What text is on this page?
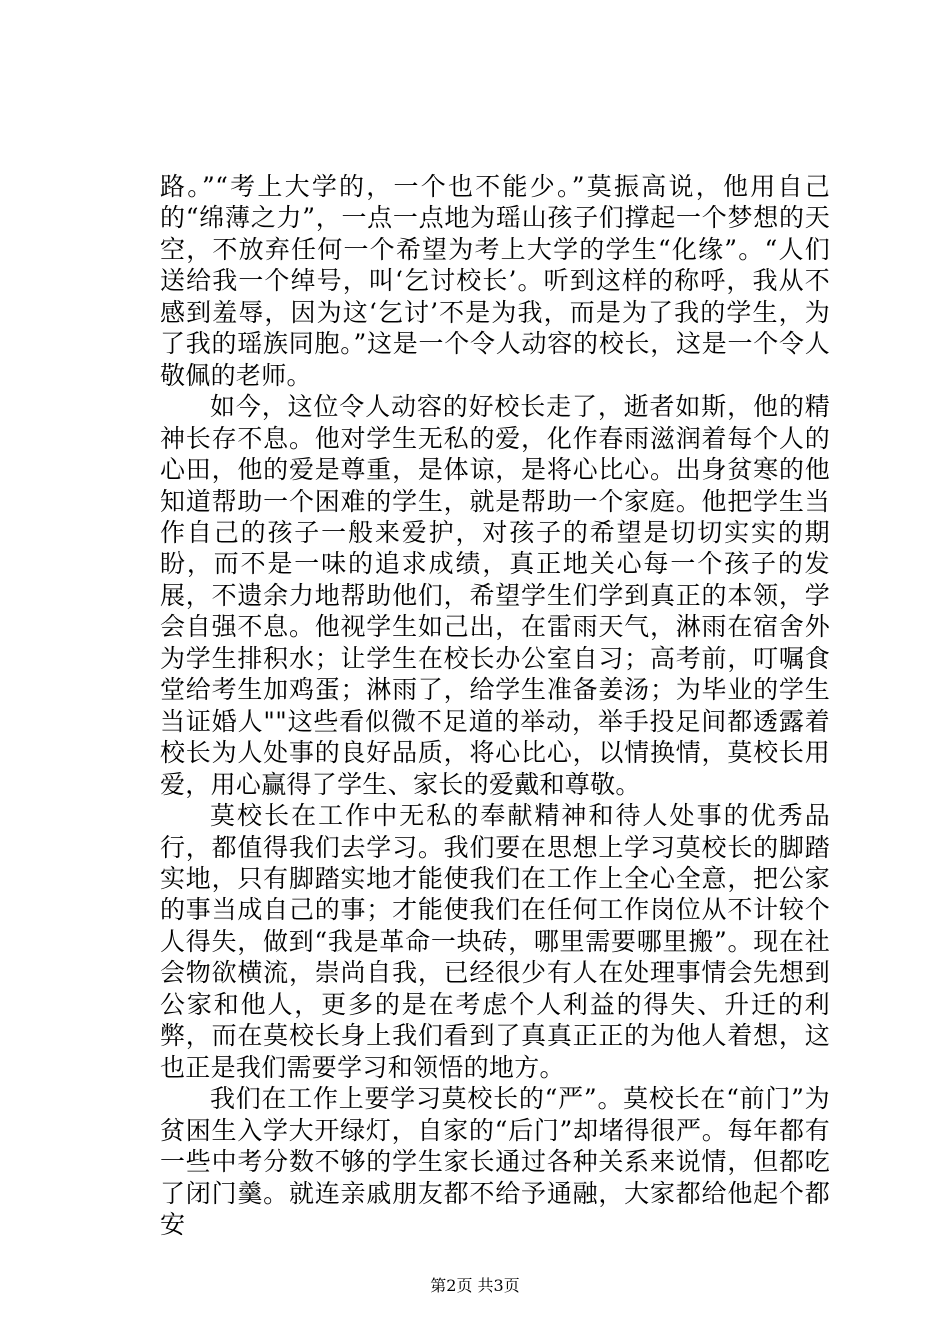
路。”“考上大学的，一个也不能少。”莫振高说，他用自己的“绵薄之力”，一点一点地为瑶山孩子们撑起一个梦想的天空，不放弃任何一个希望为考上大学的学生“化缘”。“人们送给我一个绰号，叫‘乞讨校长’。听到这样的称呼，我从不感到羞辱，因为这‘乞讨’不是为我，而是为了我的学生，为了我的瑶族同胞。”这是一个令人动容的校长，这是一个令人敬佩的老师。

如今，这位令人动容的好校长走了，逝者如斯，他的精神长存不息。他对学生无私的爱，化作春雨滋润着每个人的心田，他的爱是尊重，是体谅，是将心比心。出身贫寒的他知道帮助一个困难的学生，就是帮助一个家庭。他把学生当作自己的孩子一般来爱护，对孩子的希望是切切实实的期盼，而不是一味的追求成绩，真正地关心每一个孩子的发展，不遗余力地帮助他们，希望学生们学到真正的本领，学会自强不息。他视学生如己出，在雷雨天气，淋雨在宿舍外为学生排积水；让学生在校长办公室自习；高考前，叮嘱食堂给考生加鸡蛋；淋雨了，给学生准备姜汤；为毕业的学生当证婚人""这些看似微不足道的举动，举手投足间都透露着校长为人处事的良好品质，将心比心，以情换情，莫校长用爱，用心赢得了学生、家长的爱戴和尊敬。

莫校长在工作中无私的奉献精神和待人处事的优秀品行，都值得我们去学习。我们要在思想上学习莫校长的脚踏实地，只有脚踏实地才能使我们在工作上全心全意，把公家的事当成自己的事；才能使我们在任何工作岗位从不计较个人得失，做到“我是革命一块砖，哪里需要哪里搬”。现在社会物欲横流，崇尚自我，已经很少有人在处理事情会先想到公家和他人，更多的是在考虑个人利益的得失、升迁的利弊，而在莫校长身上我们看到了真真正正的为他人着想，这也正是我们需要学习和领悟的地方。

我们在工作上要学习莫校长的“严”。莫校长在“前门”为贫困生入学大开绿灯，自家的“后门”却堵得很严。每年都有一些中考分数不够的学生家长通过各种关系来说情，但都吃了闭门羹。就连亲戚朋友都不给予通融，大家都给他起个都安

第2页 共3页
